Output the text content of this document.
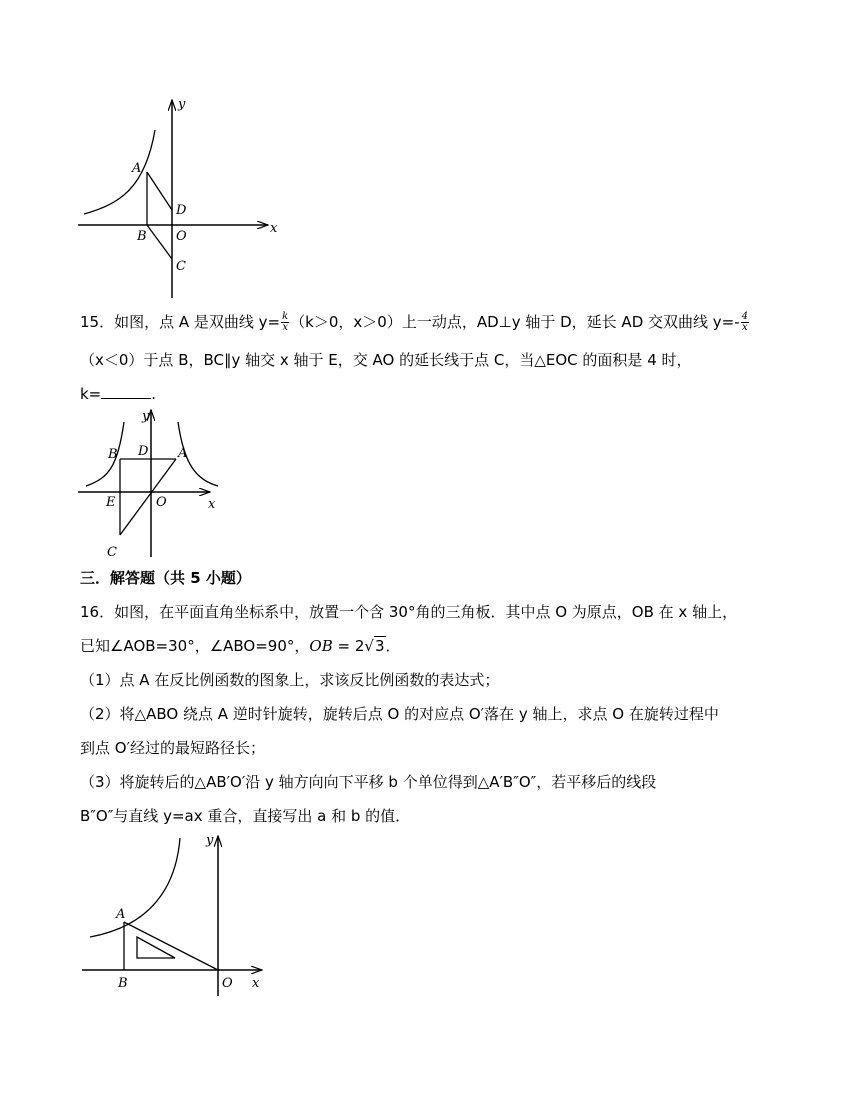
y
x
A
B
D
O
C
15．如图，点 A 是双曲线 $y= \frac{k}{x} (k>0$，x＞0）上一动点，AD⊥y 轴于 D，延长 AD 交双曲线 $y=- \frac{4}{x}$
（x＜0）于点 B，BC∥y 轴交 x 轴于 E，交 AO 的延长线于点 C，当△EOC 的面积是 4 时，
k=	.
y
x
B D A
E	O
C
三．解答题（共 5 小题）
16．如图，在平面直角坐标系中，放置一个含 30°角的三角板．其中点 O 为原点，OB 在 x 轴上，
已知∠AOB=30°，∠ABO=90°，OB = 2√3．
（1）点 A 在反比例函数的图象上，求该反比例函数的表达式；
（2）将△ABO 绕点 A 逆时针旋转，旋转后点 O 的对应点 O′落在 y 轴上，求点 O 在旋转过程中
到点 O′经过的最短路径长；
（3）将旋转后的△AB′O′沿 y 轴方向向下平移 b 个单位得到△A′B″O″，若平移后的线段
B″O″与直线 y=ax 重合，直接写出 a 和 b 的值．
y
x
A
B	O
